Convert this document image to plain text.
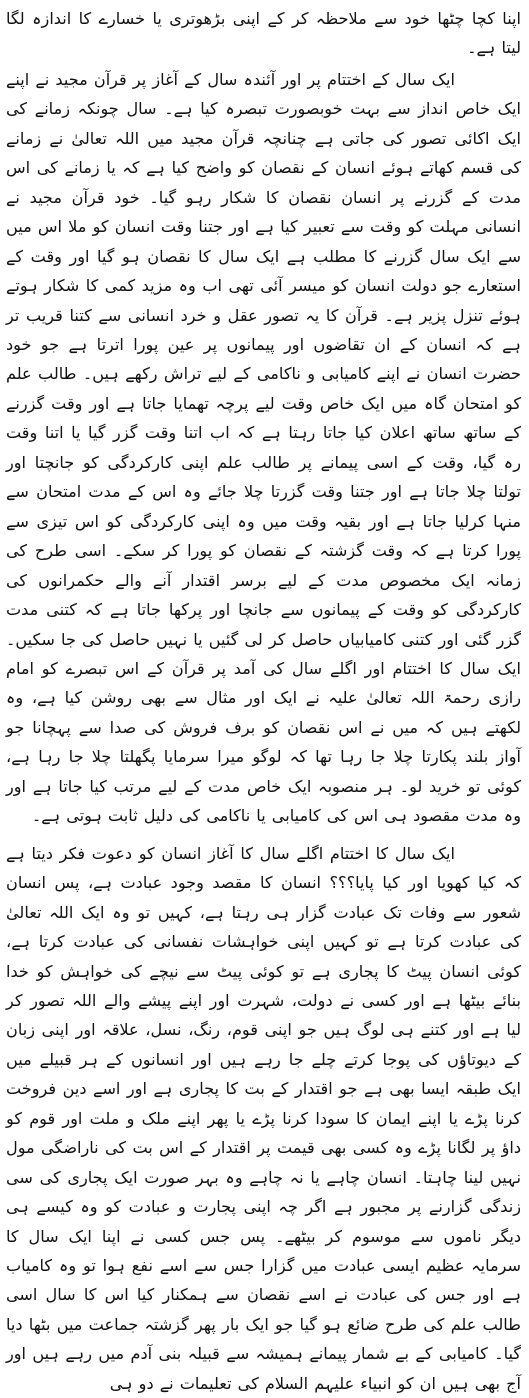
اپنا کچا چٹھا خود سے ملاحظہ کر کے اپنی بڑھوتری یا خسارے کا اندازہ لگا لیتا ہے۔

ایک سال کے اختتام پر اور آئندہ سال کے آغاز پر قرآن مجید نے اپنے ایک خاص انداز سے بہت خوبصورت تبصرہ کیا ہے۔ سال چونکہ زمانے کی ایک اکائی تصور کی جاتی ہے چنانچہ قرآن مجید میں اللہ تعالیٰ نے زمانے کی قسم کھاتے ہوئے انسان کے نقصان کو واضح کیا ہے کہ یا زمانے کی اس مدت کے گزرنے پر انسان نقصان کا شکار رہو گیا۔ خود قرآن مجید نے انسانی مہلت کو وقت سے تعبیر کیا ہے اور جتنا وقت انسان کو ملا اس میں سے ایک سال گزرنے کا مطلب ہے ایک سال کا نقصان ہو گیا اور وقت کے استعارے جو دولت انسان کو میسر آئی تھی اب وہ مزید کمی کا شکار ہوتے ہوئے تنزل پزیر ہے۔ قرآن کا یہ تصور عقل و خرد انسانی سے کتنا قریب تر ہے کہ انسان کے ان تقاضوں اور پیمانوں پر عین پورا اترتا ہے جو خود حضرت انسان نے اپنے کامیابی و ناکامی کے لیے تراش رکھے ہیں۔ طالب علم کو امتحان گاہ میں ایک خاص وقت لیے پرچہ تھمایا جاتا ہے اور وقت گزرنے کے ساتھ ساتھ اعلان کیا جاتا رہتا ہے کہ اب اتنا وقت گزر گیا یا اتنا وقت رہ گیا، وقت کے اسی پیمانے پر طالب علم اپنی کارکردگی کو جانچتا اور تولتا چلا جاتا ہے اور جتنا وقت گزرتا چلا جائے وہ اس کے مدت امتحان سے منہا کرلیا جاتا ہے اور بقیہ وقت میں وہ اپنی کارکردگی کو اس تیزی سے پورا کرتا ہے کہ وقت گزشتہ کے نقصان کو پورا کر سکے۔ اسی طرح کی زمانہ ایک مخصوص مدت کے لیے برسر اقتدار آنے والے حکمرانوں کی کارکردگی کو وقت کے پیمانوں سے جانچا اور پرکھا جاتا ہے کہ کتنی مدت گزر گئی اور کتنی کامیابیاں حاصل کر لی گئیں یا نہیں حاصل کی جا سکیں۔ ایک سال کا اختتام اور اگلے سال کی آمد پر قرآن کے اس تبصرے کو امام رازی رحمۃ اللہ تعالیٰ علیہ نے ایک اور مثال سے بھی روشن کیا ہے، وہ لکھتے ہیں کہ میں نے اس نقصان کو برف فروش کی صدا سے پہچانا جو آواز بلند پکارتا چلا جا رہا تھا کہ لوگو میرا سرمایا پگھلتا چلا جا رہا ہے، کوئی تو خرید لو۔ ہر منصوبہ ایک خاص مدت کے لیے مرتب کیا جاتا ہے اور وہ مدت مقصود ہی اس کی کامیابی یا ناکامی کی دلیل ثابت ہوتی ہے۔

ایک سال کا اختتام اگلے سال کا آغاز انسان کو دعوت فکر دیتا ہے کہ کیا کھویا اور کیا پایا؟؟؟ انسان کا مقصد وجود عبادت ہے، پس انسان شعور سے وفات تک عبادت گزار ہی رہتا ہے، کہیں تو وہ ایک اللہ تعالیٰ کی عبادت کرتا ہے تو کہیں اپنی خواہشات نفسانی کی عبادت کرتا ہے، کوئی انسان پیٹ کا پجاری ہے تو کوئی پیٹ سے نیچے کی خواہش کو خدا بنائے بیٹھا ہے اور کسی نے دولت، شہرت اور اپنے پیشے والے اللہ تصور کر لیا ہے اور کتنے ہی لوگ ہیں جو اپنی قوم، رنگ، نسل، علاقہ اور اپنی زبان کے دیوتاؤں کی پوجا کرتے چلے جا رہے ہیں اور انسانوں کے ہر قبیلے میں ایک طبقہ ایسا بھی ہے جو اقتدار کے بت کا پجاری ہے اور اسے دین فروخت کرنا پڑے یا اپنے ایمان کا سودا کرنا پڑے یا پھر اپنے ملک و ملت اور قوم کو داؤ پر لگانا پڑے وہ کسی بھی قیمت پر اقتدار کے اس بت کی ناراضگی مول نہیں لینا چاہتا۔ انسان چاہے یا نہ چاہے وہ بہر صورت ایک پجاری کی سی زندگی گزارنے پر مجبور ہے اگر چہ اپنی پجارت و عبادت کو وہ کیسے ہی دیگر ناموں سے موسوم کر بیٹھے۔ پس جس کسی نے اپنا ایک سال کا سرمایہ عظیم ایسی عبادت میں گزارا جس سے اسے نفع ہوا تو وہ کامیاب ہے اور جس کی عبادت نے اسے نقصان سے ہمکنار کیا اس کا سال اسی طالب علم کی طرح ضائع ہو گیا جو ایک بار پھر گزشتہ جماعت میں بٹھا دیا گیا۔ کامیابی کے بے شمار پیمانے ہمیشہ سے قبیلہ بنی آدم میں رہے ہیں اور آج بھی ہیں ان کو انبیاء علیہم السلام کی تعلیمات نے دو ہی
